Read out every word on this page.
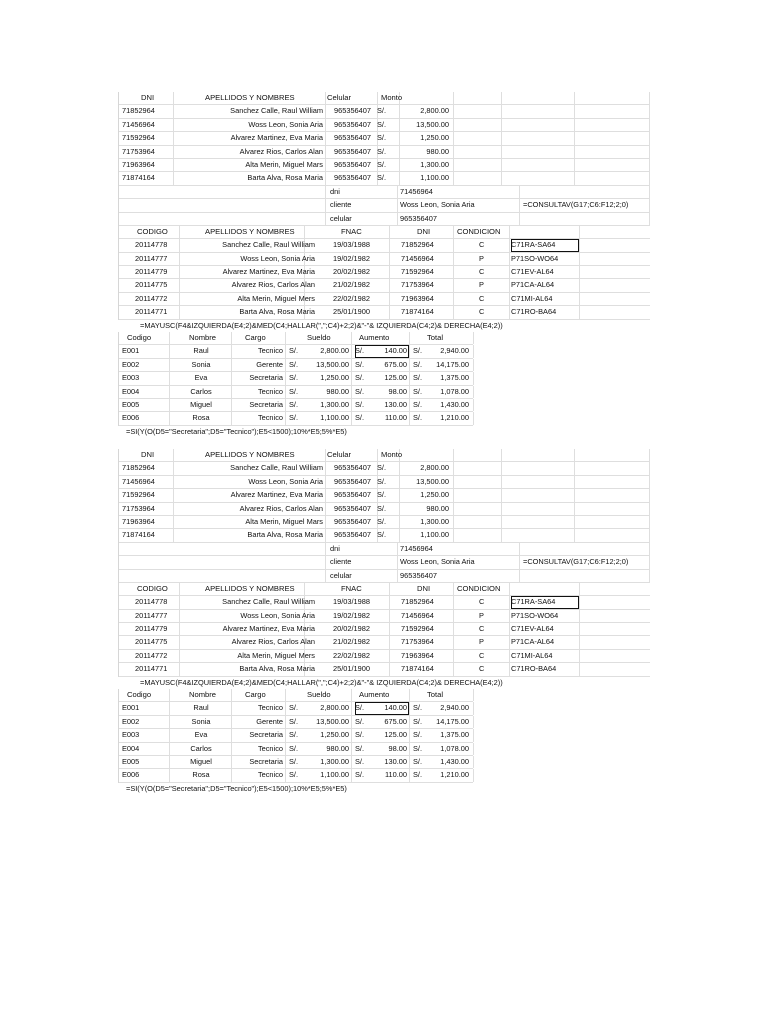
DNI	APELLIDOS Y NOMBRES	Celular	Monto
71852964	Sanchez Calle, Raul William	965356407 S/.	2,800.00
71456964	Woss Leon, Sonia Aria	965356407 S/.	13,500.00
71592964	Alvarez Martinez, Eva Maria	965356407 S/.	1,250.00
71753964	Alvarez Rios, Carlos Alan	965356407 S/.	980.00
71963964	Alta Merin, Miguel Mars	965356407 S/.	1,300.00
71874164	Barta Alva, Rosa Maria	965356407 S/.	1,100.00
dni	71456964
cliente	Woss Leon, Sonia Aria	=CONSULTAV(G17;C6:F12;2;0)
celular	965356407
CODIGO	APELLIDOS Y NOMBRES	FNAC	DNI	CONDICION
20114778	Sanchez Calle, Raul William 19/03/1988	71852964	C	C71RA-SA64
20114777	Woss Leon, Sonia Aria 19/02/1982	71456964	P	P71SO-WO64
20114779	Alvarez Martinez, Eva Maria 20/02/1982	71592964	C	C71EV-AL64
20114775	Alvarez Rios, Carlos Alan 21/02/1982	71753964	P	P71CA-AL64
20114772	Alta Merin, Miguel Mers 22/02/1982	71963964	C	C71MI-AL64
20114771	Barta Alva, Rosa Maria 25/01/1900	71874164	C	C71RO-BA64
=MAYUSC(F4&IZQUIERDA(E4;2)&MED(C4;HALLAR(",";C4)+2;2)&"-"& IZQUIERDA(C4;2)& DERECHA(E4;2))
Codigo	Nombre	Cargo	Sueldo	Aumento	Total
E001	Raul	Tecnico S/.	2,800.00 S/.	140.00 S/.	2,940.00
E002	Sonia	Gerente S/.	13,500.00 S/.	675.00 S/.	14,175.00
E003	Eva	Secretaria S/.	1,250.00 S/.	125.00 S/.	1,375.00
E004	Carlos	Tecnico S/.	980.00 S/.	98.00 S/.	1,078.00
E005	Miguel	Secretaria S/.	1,300.00 S/.	130.00 S/.	1,430.00
E006	Rosa	Tecnico S/.	1,100.00 S/.	110.00 S/.	1,210.00
=SI(Y(O(D5="Secretaria";D5="Tecnico");E5<1500);10%*E5;5%*E5)
DNI	APELLIDOS Y NOMBRES	Celular	Monto
71852964	Sanchez Calle, Raul William	965356407 S/.	2,800.00
71456964	Woss Leon, Sonia Aria	965356407 S/.	13,500.00
71592964	Alvarez Martinez, Eva Maria	965356407 S/.	1,250.00
71753964	Alvarez Rios, Carlos Alan	965356407 S/.	980.00
71963964	Alta Merin, Miguel Mars	965356407 S/.	1,300.00
71874164	Barta Alva, Rosa Maria	965356407 S/.	1,100.00
dni	71456964
cliente	Woss Leon, Sonia Aria	=CONSULTAV(G17;C6:F12;2;0)
celular	965356407
CODIGO	APELLIDOS Y NOMBRES	FNAC	DNI	CONDICION
20114778	Sanchez Calle, Raul William 19/03/1988	71852964	C	C71RA-SA64
20114777	Woss Leon, Sonia Aria 19/02/1982	71456964	P	P71SO-WO64
20114779	Alvarez Martinez, Eva Maria 20/02/1982	71592964	C	C71EV-AL64
20114775	Alvarez Rios, Carlos Alan 21/02/1982	71753964	P	P71CA-AL64
20114772	Alta Merin, Miguel Mers 22/02/1982	71963964	C	C71MI-AL64
20114771	Barta Alva, Rosa Maria 25/01/1900	71874164	C	C71RO-BA64
=MAYUSC(F4&IZQUIERDA(E4;2)&MED(C4;HALLAR(",";C4)+2;2)&"-"& IZQUIERDA(C4;2)& DERECHA(E4;2))
Codigo	Nombre	Cargo	Sueldo	Aumento	Total
E001	Raul	Tecnico S/.	2,800.00 S/.	140.00 S/.	2,940.00
E002	Sonia	Gerente S/.	13,500.00 S/.	675.00 S/.	14,175.00
E003	Eva	Secretaria S/.	1,250.00 S/.	125.00 S/.	1,375.00
E004	Carlos	Tecnico S/.	980.00 S/.	98.00 S/.	1,078.00
E005	Miguel	Secretaria S/.	1,300.00 S/.	130.00 S/.	1,430.00
E006	Rosa	Tecnico S/.	1,100.00 S/.	110.00 S/.	1,210.00
=SI(Y(O(D5="Secretaria";D5="Tecnico");E5<1500);10%*E5;5%*E5)
